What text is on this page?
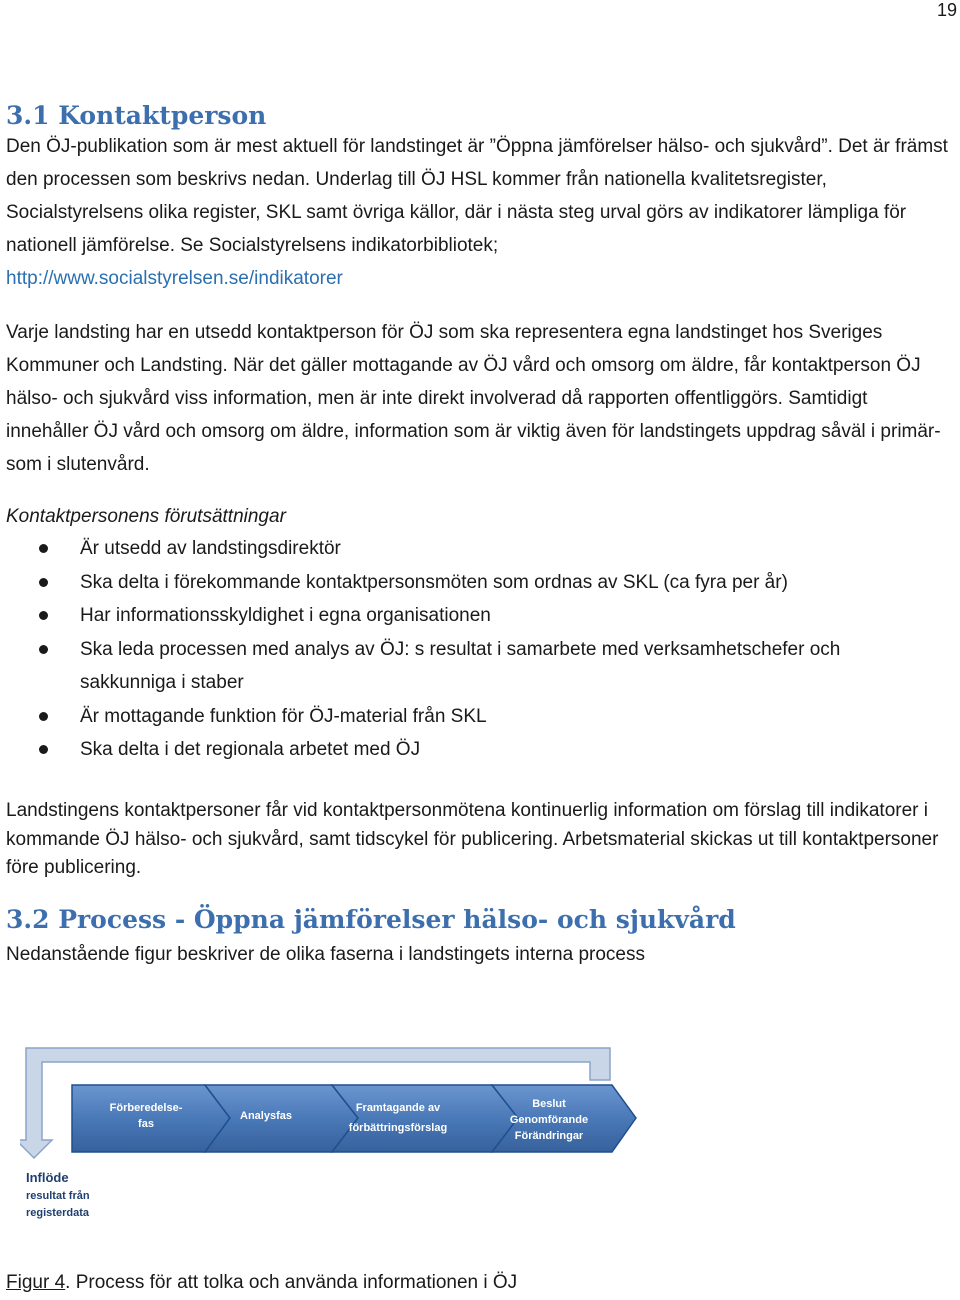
19
3.1 Kontaktperson

Den ÖJ-publikation som är mest aktuell för landstinget är ”Öppna jämförelser hälso- och sjukvård”. Det är främst den processen som beskrivs nedan. Underlag till ÖJ HSL kommer från nationella kvalitetsregister, Socialstyrelsens olika register, SKL samt övriga källor, där i nästa steg urval görs av indikatorer lämpliga för nationell jämförelse. Se Socialstyrelsens indikatorbibliotek;
http://www.socialstyrelsen.se/indikatorer

Varje landsting har en utsedd kontaktperson för ÖJ som ska representera egna landstinget hos Sveriges Kommuner och Landsting. När det gäller mottagande av ÖJ vård och omsorg om äldre, får kontaktperson ÖJ hälso- och sjukvård viss information, men är inte direkt involverad då rapporten offentliggörs. Samtidigt innehåller ÖJ vård och omsorg om äldre, information som är viktig även för landstingets uppdrag såväl i primär- som i slutenvård.

Kontaktpersonens förutsättningar

Är utsedd av landstingsdirektör
Ska delta i förekommande kontaktpersonsmöten som ordnas av SKL (ca fyra per år)
Har informationsskyldighet i egna organisationen
Ska leda processen med analys av ÖJ: s resultat i samarbete med verksamhetschefer och sakkunniga i staber
Är mottagande funktion för ÖJ-material från SKL
Ska delta i det regionala arbetet med ÖJ

Landstingens kontaktpersoner får vid kontaktpersonmötena kontinuerlig information om förslag till indikatorer i kommande ÖJ hälso- och sjukvård, samt tidscykel för publicering. Arbetsmaterial skickas ut till kontaktpersoner före publicering.

3.2 Process - Öppna jämförelser hälso- och sjukvård

Nedanstående figur beskriver de olika faserna i landstingets interna process

Förberedelse-
fas
Analysfas
Framtagande av
förbättringsförslag
Beslut
Genomförande
Förändringar
Inflöde
resultat från
registerdata
Figur 4. Process för att tolka och använda informationen i ÖJ
